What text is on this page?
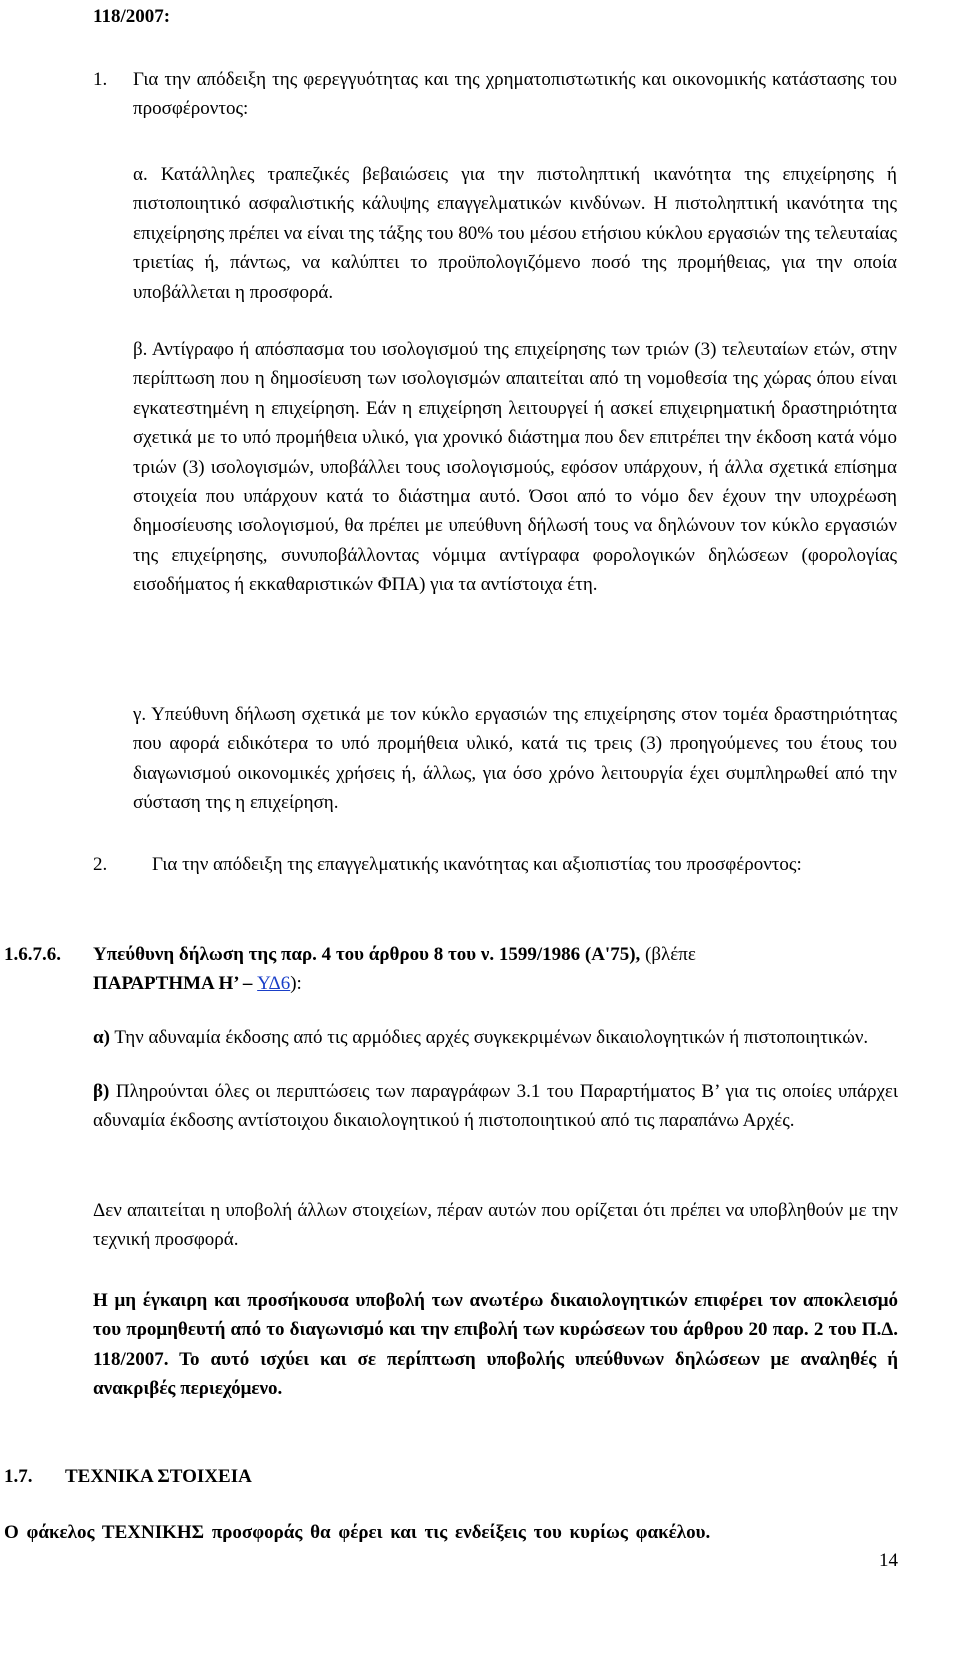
118/2007:
1. Για την απόδειξη της φερεγγυότητας και της χρηματοπιστωτικής και οικονομικής κατάστασης του προσφέροντος:
α. Κατάλληλες τραπεζικές βεβαιώσεις για την πιστοληπτική ικανότητα της επιχείρησης ή πιστοποιητικό ασφαλιστικής κάλυψης επαγγελματικών κινδύνων. Η πιστοληπτική ικανότητα της επιχείρησης πρέπει να είναι της τάξης του 80% του μέσου ετήσιου κύκλου εργασιών της τελευταίας τριετίας ή, πάντως, να καλύπτει το προϋπολογιζόμενο ποσό της προμήθειας, για την οποία υποβάλλεται η προσφορά.
β. Αντίγραφο ή απόσπασμα του ισολογισμού της επιχείρησης των τριών (3) τελευταίων ετών, στην περίπτωση που η δημοσίευση των ισολογισμών απαιτείται από τη νομοθεσία της χώρας όπου είναι εγκατεστημένη η επιχείρηση. Εάν η επιχείρηση λειτουργεί ή ασκεί επιχειρηματική δραστηριότητα σχετικά με το υπό προμήθεια υλικό, για χρονικό διάστημα που δεν επιτρέπει την έκδοση κατά νόμο τριών (3) ισολογισμών, υποβάλλει τους ισολογισμούς, εφόσον υπάρχουν, ή άλλα σχετικά επίσημα στοιχεία που υπάρχουν κατά το διάστημα αυτό. Όσοι από το νόμο δεν έχουν την υποχρέωση δημοσίευσης ισολογισμού, θα πρέπει με υπεύθυνη δήλωσή τους να δηλώνουν τον κύκλο εργασιών της επιχείρησης, συνυποβάλλοντας νόμιμα αντίγραφα φορολογικών δηλώσεων (φορολογίας εισοδήματος ή εκκαθαριστικών ΦΠΑ) για τα αντίστοιχα έτη.
γ. Υπεύθυνη δήλωση σχετικά με τον κύκλο εργασιών της επιχείρησης στον τομέα δραστηριότητας που αφορά ειδικότερα το υπό προμήθεια υλικό, κατά τις τρεις (3) προηγούμενες του έτους του διαγωνισμού οικονομικές χρήσεις ή, άλλως, για όσο χρόνο λειτουργία έχει συμπληρωθεί από την σύσταση της η επιχείρηση.
2. Για την απόδειξη της επαγγελματικής ικανότητας και αξιοπιστίας του προσφέροντος:
1.6.7.6. Υπεύθυνη δήλωση της παρ. 4 του άρθρου 8 του ν. 1599/1986 (Α'75), (βλέπε
ΠΑΡΑΡΤΗΜΑ Η’ – ΥΔ6):
α) Την αδυναμία έκδοσης από τις αρμόδιες αρχές συγκεκριμένων δικαιολογητικών ή πιστοποιητικών.
β) Πληρούνται όλες οι περιπτώσεις των παραγράφων 3.1 του Παραρτήματος Β’ για τις οποίες υπάρχει αδυναμία έκδοσης αντίστοιχου δικαιολογητικού ή πιστοποιητικού από τις παραπάνω Αρχές.
Δεν απαιτείται η υποβολή άλλων στοιχείων, πέραν αυτών που ορίζεται ότι πρέπει να υποβληθούν με την τεχνική προσφορά.
Η μη έγκαιρη και προσήκουσα υποβολή των ανωτέρω δικαιολογητικών επιφέρει τον αποκλεισμό του προμηθευτή από το διαγωνισμό και την επιβολή των κυρώσεων του άρθρου 20 παρ. 2 του Π.Δ. 118/2007. Το αυτό ισχύει και σε περίπτωση υποβολής υπεύθυνων δηλώσεων με αναληθές ή ανακριβές περιεχόμενο.
1.7. ΤΕΧΝΙΚΑ ΣΤΟΙΧΕΙΑ
Ο φάκελος ΤΕΧΝΙΚΗΣ προσφοράς θα φέρει και τις ενδείξεις του κυρίως φακέλου.
14
